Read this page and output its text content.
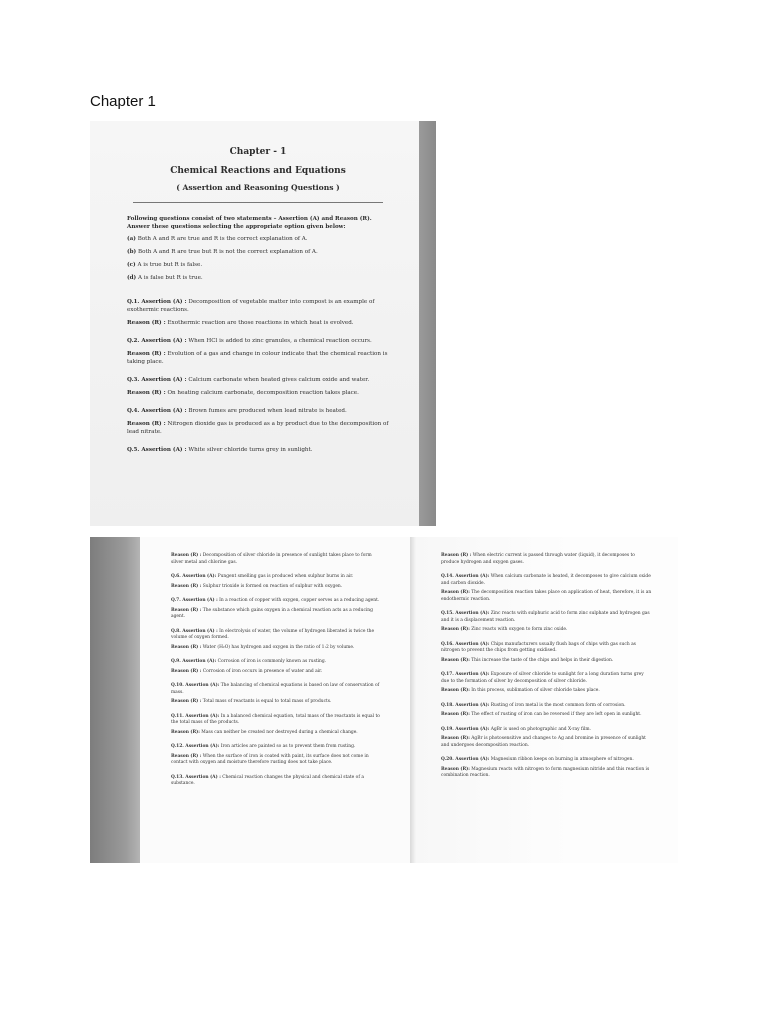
Chapter 1

Chapter - 1

Chemical Reactions and Equations

( Assertion and Reasoning Questions )

Following questions consist of two statements – Assertion (A) and Reason (R). Answer these questions selecting the appropriate option given below:

(a) Both A and R are true and R is the correct explanation of A.

(b) Both A and R are true but R is not the correct explanation of A.

(c) A is true but R is false.

(d) A is false but R is true.

Q.1. Assertion (A) : Decomposition of vegetable matter into compost is an example of exothermic reactions.

Reason (R) : Exothermic reaction are those reactions in which heat is evolved.

Q.2. Assertion (A) : When HCl is added to zinc granules, a chemical reaction occurs.

Reason (R) : Evolution of a gas and change in colour indicate that the chemical reaction is taking place.

Q.3. Assertion (A) : Calcium carbonate when heated gives calcium oxide and water.

Reason (R) : On heating calcium carbonate, decomposition reaction takes place.

Q.4. Assertion (A) : Brown fumes are produced when lead nitrate is heated.

Reason (R) : Nitrogen dioxide gas is produced as a by product due to the decomposition of lead nitrate.

Q.5. Assertion (A) : White silver chloride turns grey in sunlight.

Reason (R) : Decomposition of silver chloride in presence of sunlight takes place to form silver metal and chlorine gas.

Q.6. Assertion (A): Pungent smelling gas is produced when sulphur burns in air.

Reason (R) : Sulphur trioxide is formed on reaction of sulphur with oxygen.

Q.7. Assertion (A) : In a reaction of copper with oxygen, copper serves as a reducing agent.

Reason (R) : The substance which gains oxygen in a chemical reaction acts as a reducing agent.

Q.8. Assertion (A) : In electrolysis of water, the volume of hydrogen liberated is twice the volume of oxygen formed.

Reason (R) : Water (H₂O) has hydrogen and oxygen in the ratio of 1:2 by volume.

Q.9. Assertion (A): Corrosion of iron is commonly known as rusting.

Reason (R) : Corrosion of iron occurs in presence of water and air.

Q.10. Assertion (A): The balancing of chemical equations is based on law of conservation of mass.

Reason (R) : Total mass of reactants is equal to total mass of products.

Q.11. Assertion (A): In a balanced chemical equation, total mass of the reactants is equal to the total mass of the products.

Reason (R): Mass can neither be created nor destroyed during a chemical change.

Q.12. Assertion (A): Iron articles are painted so as to prevent them from rusting.

Reason (R) : When the surface of iron is coated with paint, its surface does not come in contact with oxygen and moisture therefore rusting does not take place.

Q.13. Assertion (A) : Chemical reaction changes the physical and chemical state of a substance.

Reason (R) : When electric current is passed through water (liquid), it decomposes to produce hydrogen and oxygen gases.

Q.14. Assertion (A): When calcium carbonate is heated, it decomposes to give calcium oxide and carbon dioxide.

Reason (R): The decomposition reaction takes place on application of heat, therefore, it is an endothermic reaction.

Q.15. Assertion (A): Zinc reacts with sulphuric acid to form zinc sulphate and hydrogen gas and it is a displacement reaction.

Reason (R): Zinc reacts with oxygen to form zinc oxide.

Q.16. Assertion (A): Chips manufacturers usually flush bags of chips with gas such as nitrogen to prevent the chips from getting oxidised.

Reason (R): This increase the taste of the chips and helps in their digestion.

Q.17. Assertion (A): Exposure of silver chloride to sunlight for a long duration turns grey due to the formation of silver by decomposition of silver chloride.

Reason (R): In this process, sublimation of silver chloride takes place.

Q.18. Assertion (A): Rusting of iron metal is the most common form of corrosion.

Reason (R): The effect of rusting of iron can be reversed if they are left open in sunlight.

Q.19. Assertion (A): AgBr is used on photographic and X-ray film.

Reason (R): AgBr is photosensitive and changes to Ag and bromine in presence of sunlight and undergoes decomposition reaction.

Q.20. Assertion (A): Magnesium ribbon keeps on burning in atmosphere of nitrogen.

Reason (R): Magnesium reacts with nitrogen to form magnesium nitride and this reaction is combination reaction.
